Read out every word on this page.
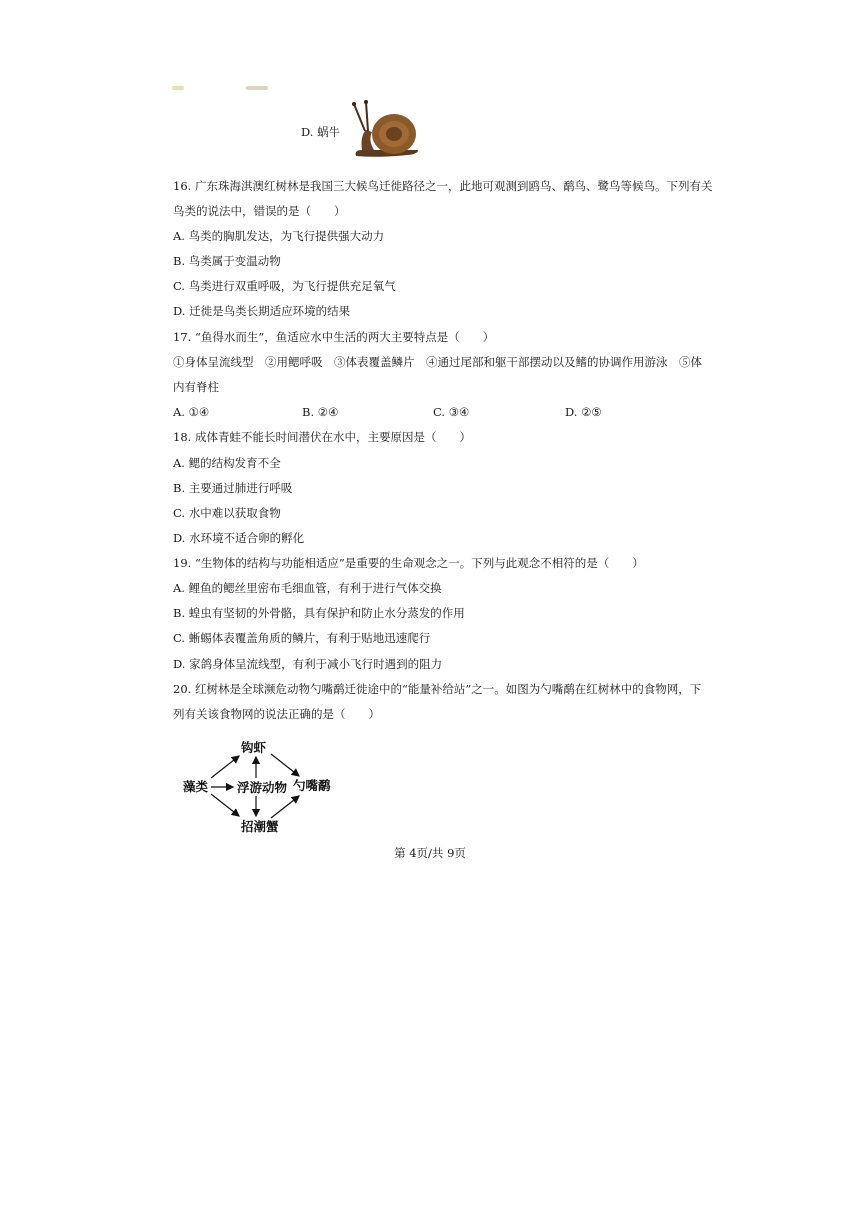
D. 蜗牛
16. 广东珠海淇澳红树林是我国三大候鸟迁徙路径之一，此地可观测到鸥鸟、鹬鸟、鹭鸟等候鸟。下列有关
鸟类的说法中，错误的是（　　）
A. 鸟类的胸肌发达，为飞行提供强大动力
B. 鸟类属于变温动物
C. 鸟类进行双重呼吸，为飞行提供充足氧气
D. 迁徙是鸟类长期适应环境的结果
17. “鱼得水而生”，鱼适应水中生活的两大主要特点是（　　）
①身体呈流线型　②用鳃呼吸　③体表覆盖鳞片　④通过尾部和躯干部摆动以及鳍的协调作用游泳　⑤体
内有脊柱
A. ①④	B. ②④	C. ③④	D. ②⑤
18. 成体青蛙不能长时间潜伏在水中，主要原因是（　　）
A. 鳃的结构发育不全
B. 主要通过肺进行呼吸
C. 水中难以获取食物
D. 水环境不适合卵的孵化
19. “生物体的结构与功能相适应”是重要的生命观念之一。下列与此观念不相符的是（　　）
A. 鲤鱼的鳃丝里密布毛细血管，有利于进行气体交换
B. 蝗虫有坚韧的外骨骼，具有保护和防止水分蒸发的作用
C. 蜥蜴体表覆盖角质的鳞片，有利于贴地迅速爬行
D. 家鸽身体呈流线型，有利于减小飞行时遇到的阻力
20. 红树林是全球濒危动物勺嘴鹬迁徙途中的“能量补给站”之一。如图为勺嘴鹬在红树林中的食物网，下
列有关该食物网的说法正确的是（　　）
钩虾
藻类 浮游动物 勺嘴鹬
招潮蟹
第 4页/共 9页
